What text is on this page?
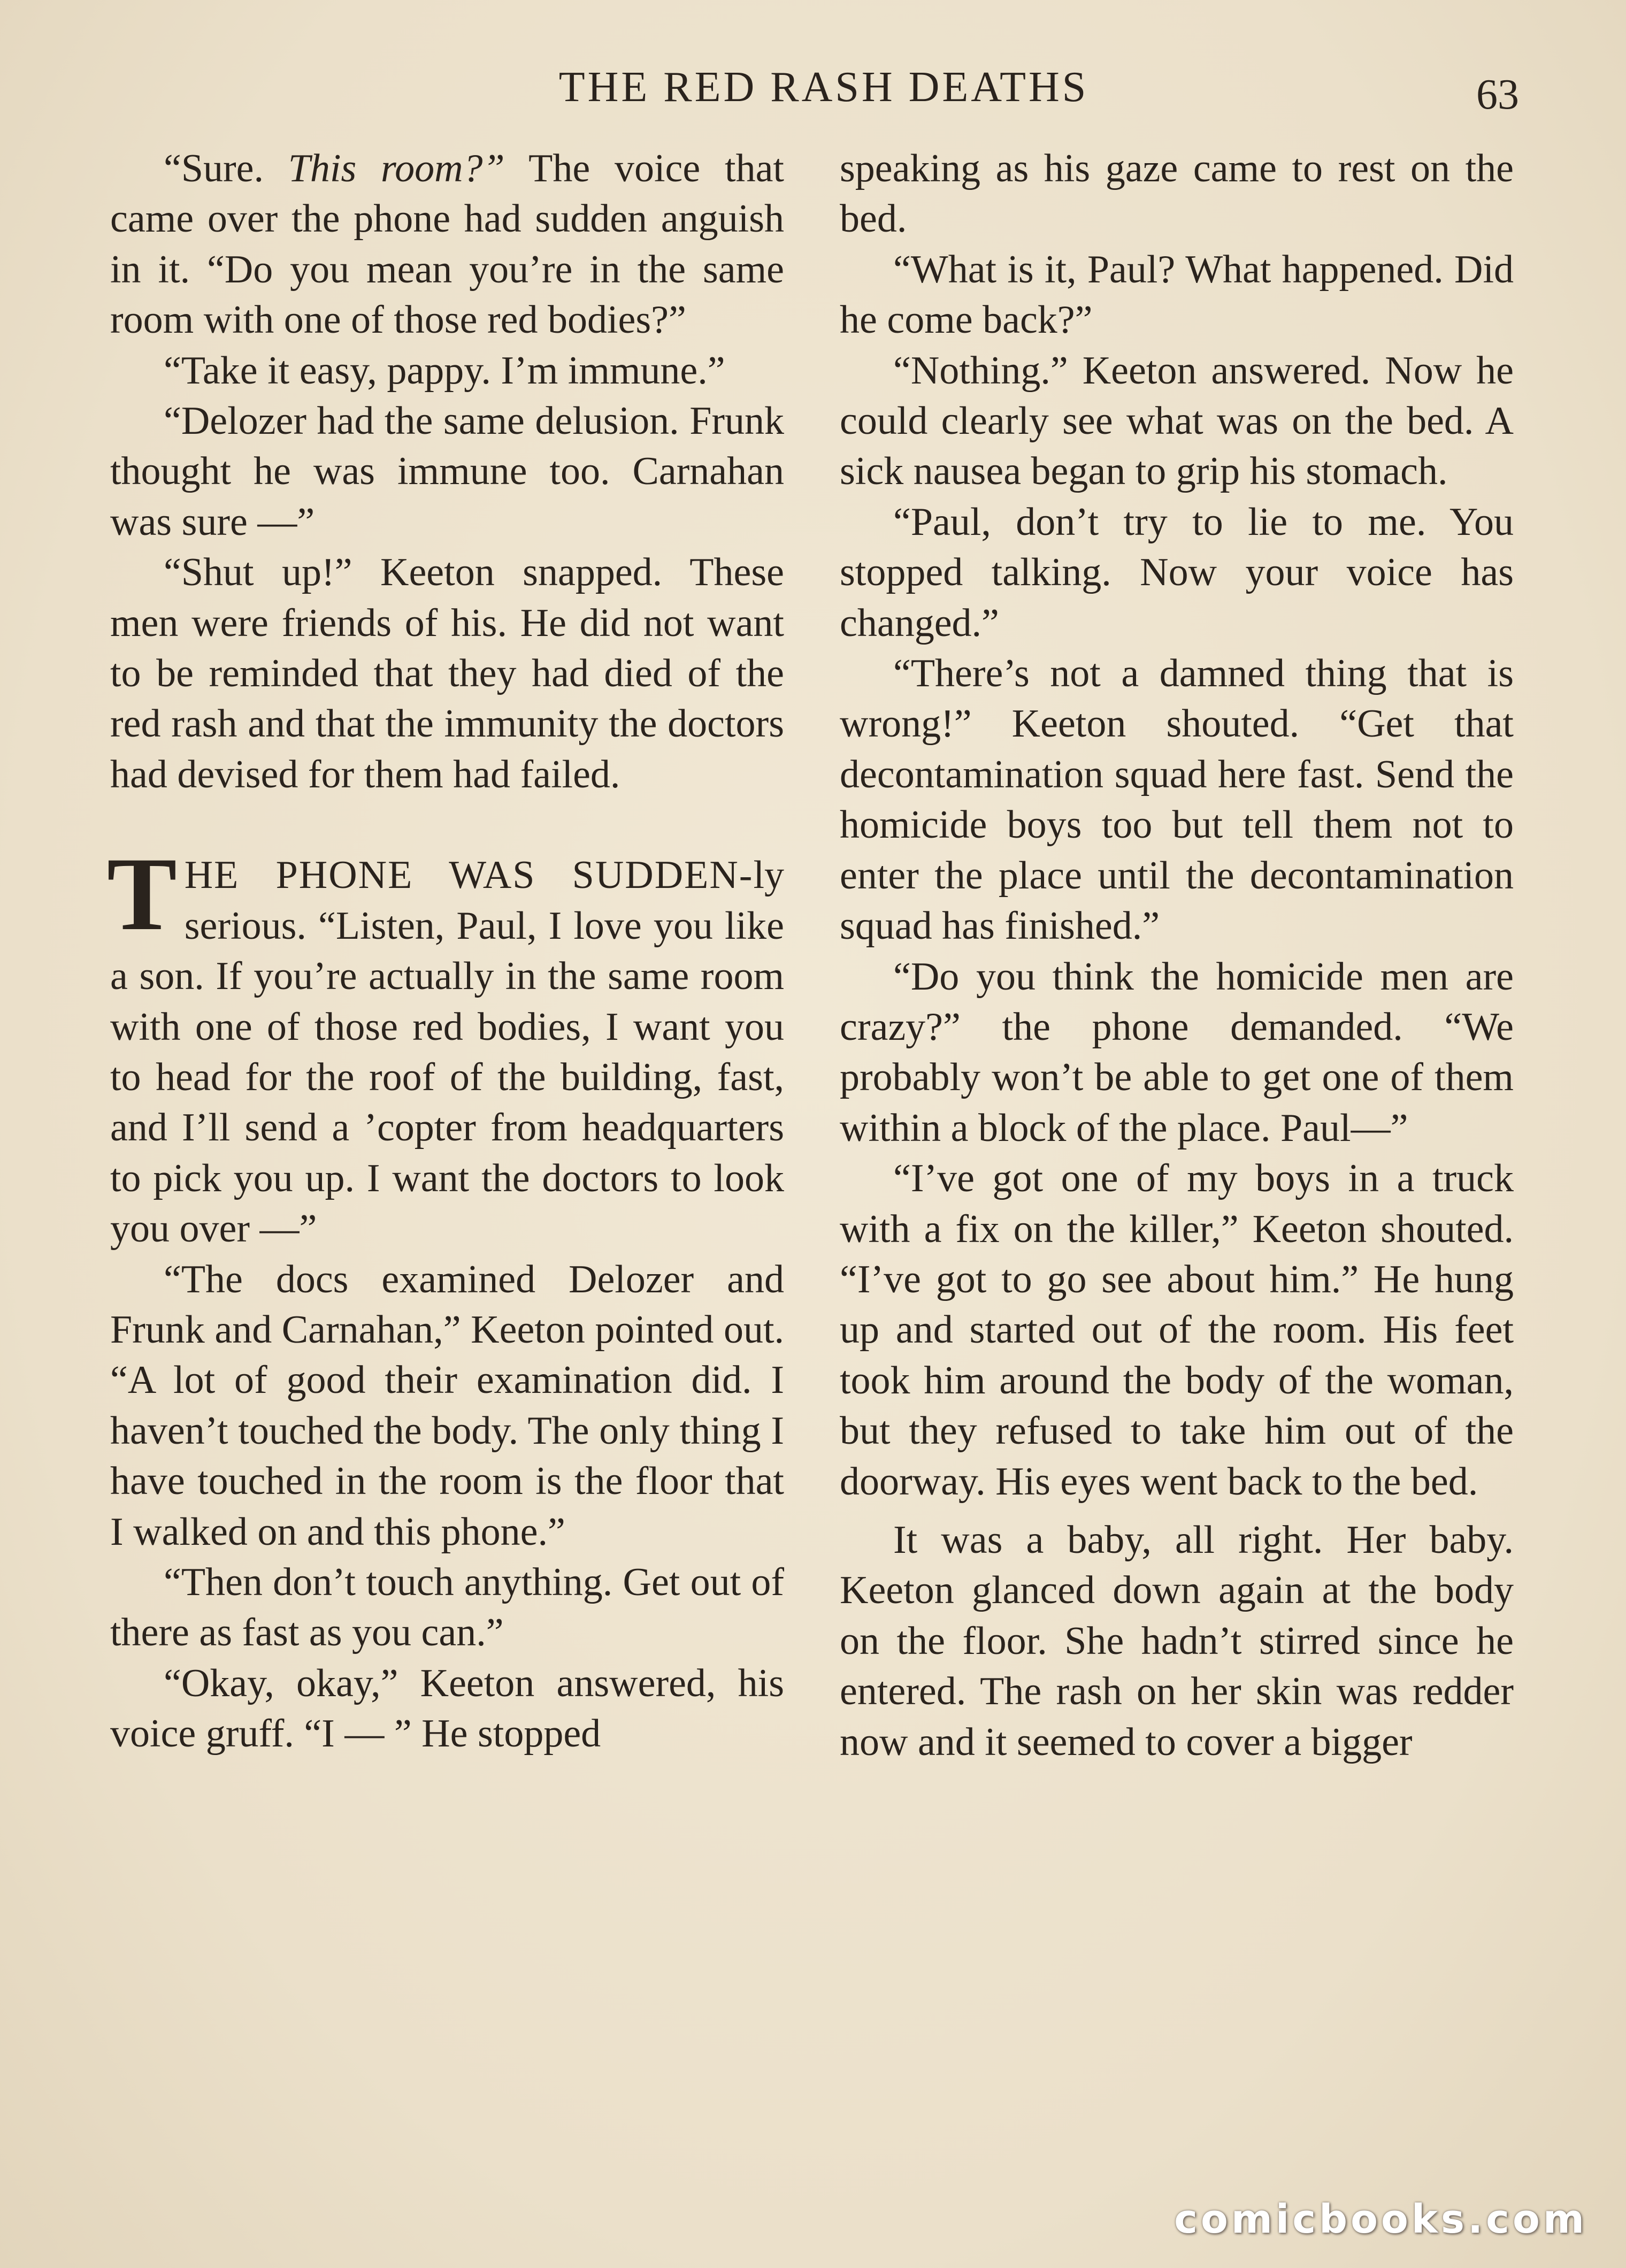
THE RED RASH DEATHS	63

“Sure. This room?” The voice that came over the phone had sudden anguish in it. “Do you mean you’re in the same room with one of those red bodies?”

“Take it easy, pappy. I’m immune.”

“Delozer had the same delusion. Frunk thought he was immune too. Carnahan was sure —”

“Shut up!” Keeton snapped. These men were friends of his. He did not want to be reminded that they had died of the red rash and that the immunity the doctors had devised for them had failed.

THE PHONE WAS SUDDEN-ly serious. “Listen, Paul, I love you like a son. If you’re actually in the same room with one of those red bodies, I want you to head for the roof of the building, fast, and I’ll send a ’copter from headquarters to pick you up. I want the doctors to look you over —”

“The docs examined Delozer and Frunk and Carnahan,” Keeton pointed out. “A lot of good their examination did. I haven’t touched the body. The only thing I have touched in the room is the floor that I walked on and this phone.”

“Then don’t touch anything. Get out of there as fast as you can.”

“Okay, okay,” Keeton answered, his voice gruff. “I — ” He stopped

speaking as his gaze came to rest on the bed.

“What is it, Paul? What happened. Did he come back?”

“Nothing.” Keeton answered. Now he could clearly see what was on the bed. A sick nausea began to grip his stomach.

“Paul, don’t try to lie to me. You stopped talking. Now your voice has changed.”

“There’s not a damned thing that is wrong!” Keeton shouted. “Get that decontamination squad here fast. Send the homicide boys too but tell them not to enter the place until the decontamination squad has finished.”

“Do you think the homicide men are crazy?” the phone demanded. “We probably won’t be able to get one of them within a block of the place. Paul—”

“I’ve got one of my boys in a truck with a fix on the killer,” Keeton shouted. “I’ve got to go see about him.” He hung up and started out of the room. His feet took him around the body of the woman, but they refused to take him out of the doorway. His eyes went back to the bed.

It was a baby, all right. Her baby. Keeton glanced down again at the body on the floor. She hadn’t stirred since he entered. The rash on her skin was redder now and it seemed to cover a bigger

comicbooks.com
